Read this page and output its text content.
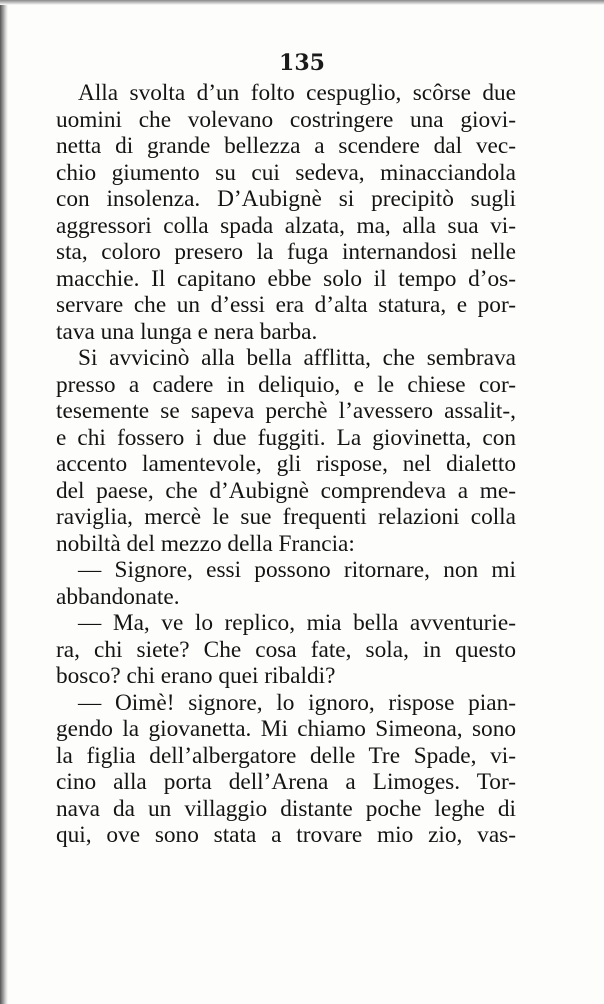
135
Alla svolta d’un folto cespuglio, scôrse due
uomini che volevano costringere una giovi-
netta di grande bellezza a scendere dal vec-
chio giumento su cui sedeva, minacciandola
con insolenza. D’Aubignè si precipitò sugli
aggressori colla spada alzata, ma, alla sua vi-
sta, coloro presero la fuga internandosi nelle
macchie. Il capitano ebbe solo il tempo d’os-
servare che un d’essi era d’alta statura, e por-
tava una lunga e nera barba.
Si avvicinò alla bella afflitta, che sembrava
presso a cadere in deliquio, e le chiese cor-
tesemente se sapeva perchè l’avessero assalit‐,
e chi fossero i due fuggiti. La giovinetta, con
accento lamentevole, gli rispose, nel dialetto
del paese, che d’Aubignè comprendeva a me-
raviglia, mercè le sue frequenti relazioni colla
nobiltà del mezzo della Francia:
— Signore, essi possono ritornare, non mi
abbandonate.
— Ma, ve lo replico, mia bella avventurie-
ra, chi siete? Che cosa fate, sola, in questo
bosco? chi erano quei ribaldi?
— Oimè! signore, lo ignoro, rispose pian-
gendo la giovanetta. Mi chiamo Simeona, sono
la figlia dell’albergatore delle Tre Spade, vi-
cino alla porta dell’Arena a Limoges. Tor-
nava da un villaggio distante poche leghe di
qui, ove sono stata a trovare mio zio, vas-
